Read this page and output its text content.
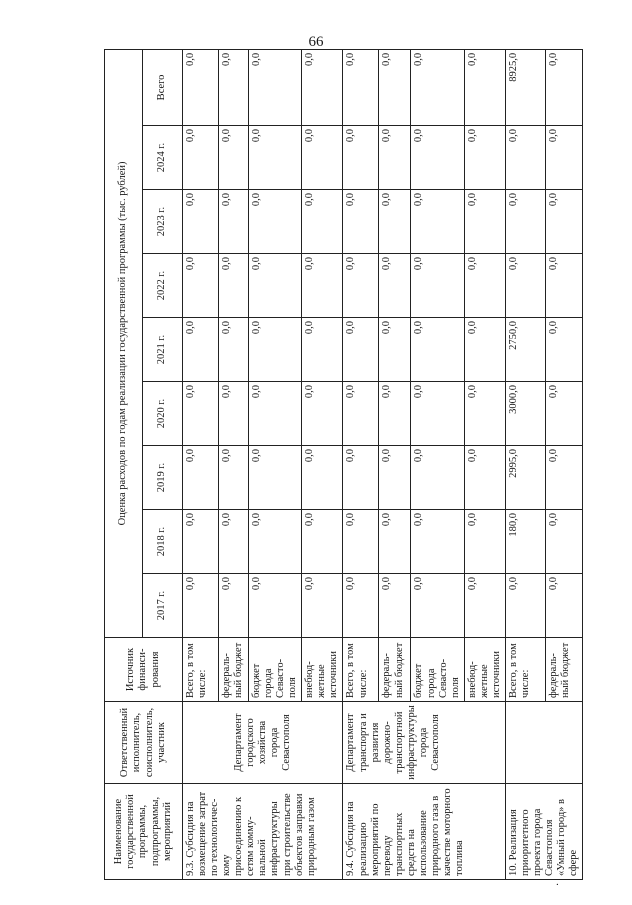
66
Наименование государственной программы, подпрограммы, мероприятий	Ответственный исполнитель, соисполнитель, участник	Источник финанси-рования	Оценка расходов по годам реализации государственной программы (тыс. рублей)								
			2017 г.	2018 г.	2019 г.	2020 г.	2021 г.	2022 г.	2023 г.	2024 г.	Всего
9.3. Субсидия на возмещение затрат по технологичес-кому присоединению к сетям комму-нальной инфраструктуры при строительстве объектов заправки природным газом	Департамент городского хозяйства города Севастополя	Всего, в том числе:	0,0	0,0	0,0	0,0	0,0	0,0	0,0	0,0	0,0
		федераль-ный бюджет	0,0	0,0	0,0	0,0	0,0	0,0	0,0	0,0	0,0
		бюджет города Севасто-поля	0,0	0,0	0,0	0,0	0,0	0,0	0,0	0,0	0,0
		внебюд-жетные источники	0,0	0,0	0,0	0,0	0,0	0,0	0,0	0,0	0,0
9.4. Субсидия на реализацию мероприятий по переводу транспортных средств на использование природного газа в качестве моторного топлива	Департамент транспорта и развития дорожно-транспортной инфраструктуры города Севастополя	Всего, в том числе:	0,0	0,0	0,0	0,0	0,0	0,0	0,0	0,0	0,0
		федераль-ный бюджет	0,0	0,0	0,0	0,0	0,0	0,0	0,0	0,0	0,0
		бюджет города Севасто-поля	0,0	0,0	0,0	0,0	0,0	0,0	0,0	0,0	0,0
		внебюд-жетные источники	0,0	0,0	0,0	0,0	0,0	0,0	0,0	0,0	0,0
10. Реализация приоритетного проекта города Севастополя «Умный город» в сфере		Всего, в том числе:	0,0	180,0	2995,0	3000,0	2750,0	0,0	0,0	0,0	8925,0
		федераль-ный бюджет	0,0	0,0	0,0	0,0	0,0	0,0	0,0	0,0	0,0
.
